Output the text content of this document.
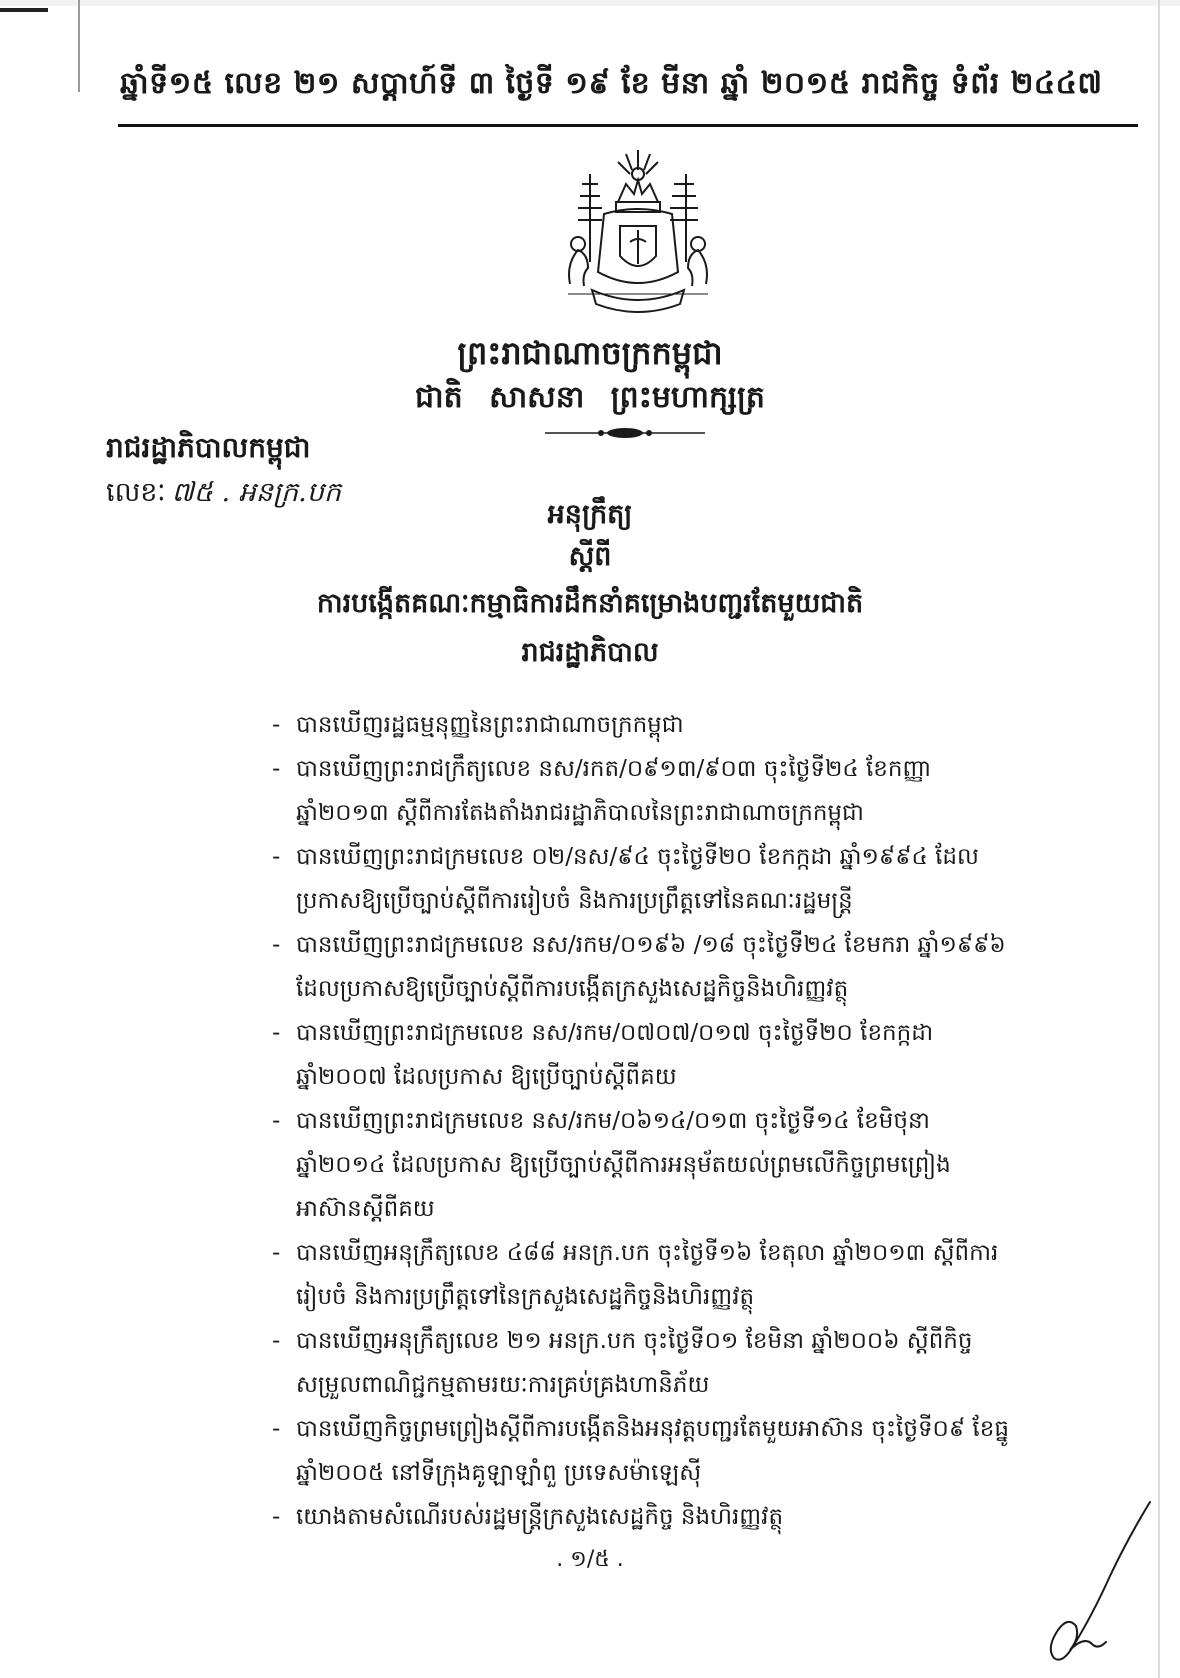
ឆ្នាំទី១៥ លេខ ២១ សប្តាហ៍ទី ៣ ថ្ងៃទី ១៩ ខែ មីនា ឆ្នាំ ២០១៥ រាជកិច្ច ទំព័រ ២៤៤៧
ព្រះរាជាណាចក្រកម្ពុជា
ជាតិ សាសនា ព្រះមហាក្សត្រ
រាជរដ្ឋាភិបាលកម្ពុជា
លេខៈ ៧៥ . អនក្រ.បក
អនុក្រឹត្យ
ស្តីពី
ការបង្កើតគណៈកម្មាធិការដឹកនាំគម្រោងបញ្ជរតែមួយជាតិ
រាជរដ្ឋាភិបាល
- បានឃើញរដ្ឋធម្មនុញ្ញនៃព្រះរាជាណាចក្រកម្ពុជា
- បានឃើញព្រះរាជក្រឹត្យលេខ នស/រកត/០៩១៣/៩០៣ ចុះថ្ងៃទី២៤ ខែកញ្ញា ឆ្នាំ២០១៣ ស្តីពីការតែងតាំងរាជរដ្ឋាភិបាលនៃព្រះរាជាណាចក្រកម្ពុជា
- បានឃើញព្រះរាជក្រមលេខ ០២/នស/៩៤ ចុះថ្ងៃទី២០ ខែកក្កដា ឆ្នាំ១៩៩៤ ដែលប្រកាសឱ្យប្រើច្បាប់ស្តីពីការរៀបចំ និងការប្រព្រឹត្តទៅនៃគណៈរដ្ឋមន្ត្រី
- បានឃើញព្រះរាជក្រមលេខ នស/រកម/០១៩៦ /១៨ ចុះថ្ងៃទី២៤ ខែមករា ឆ្នាំ១៩៩៦ ដែលប្រកាសឱ្យប្រើច្បាប់ស្តីពីការបង្កើតក្រសួងសេដ្ឋកិច្ចនិងហិរញ្ញវត្ថុ
- បានឃើញព្រះរាជក្រមលេខ នស/រកម/០៧០៧/០១៧ ចុះថ្ងៃទី២០ ខែកក្កដា ឆ្នាំ២០០៧ ដែលប្រកាស ឱ្យប្រើច្បាប់ស្តីពីគយ
- បានឃើញព្រះរាជក្រមលេខ នស/រកម/០៦១៤/០១៣ ចុះថ្ងៃទី១៤ ខែមិថុនា ឆ្នាំ២០១៤ ដែលប្រកាស ឱ្យប្រើច្បាប់ស្តីពីការអនុម័តយល់ព្រមលើកិច្ចព្រមព្រៀងអាស៊ានស្តីពីគយ
- បានឃើញអនុក្រឹត្យលេខ ៤៨៨ អនក្រ.បក ចុះថ្ងៃទី១៦ ខែតុលា ឆ្នាំ២០១៣ ស្តីពីការរៀបចំ និងការប្រព្រឹត្តទៅនៃក្រសួងសេដ្ឋកិច្ចនិងហិរញ្ញវត្ថុ
- បានឃើញអនុក្រឹត្យលេខ ២១ អនក្រ.បក ចុះថ្ងៃទី០១ ខែមិនា ឆ្នាំ២០០៦ ស្តីពីកិច្ចសម្រួលពាណិជ្ជកម្មតាមរយៈការគ្រប់គ្រងហានិភ័យ
- បានឃើញកិច្ចព្រមព្រៀងស្តីពីការបង្កើតនិងអនុវត្តបញ្ជរតែមួយអាស៊ាន ចុះថ្ងៃទី០៩ ខែធ្នូ ឆ្នាំ២០០៥ នៅទីក្រុងគូឡាឡាំពួ ប្រទេសម៉ាឡេស៊ី
- យោងតាមសំណើរបស់រដ្ឋមន្ត្រីក្រសួងសេដ្ឋកិច្ច និងហិរញ្ញវត្ថុ
. ១/៥ .
